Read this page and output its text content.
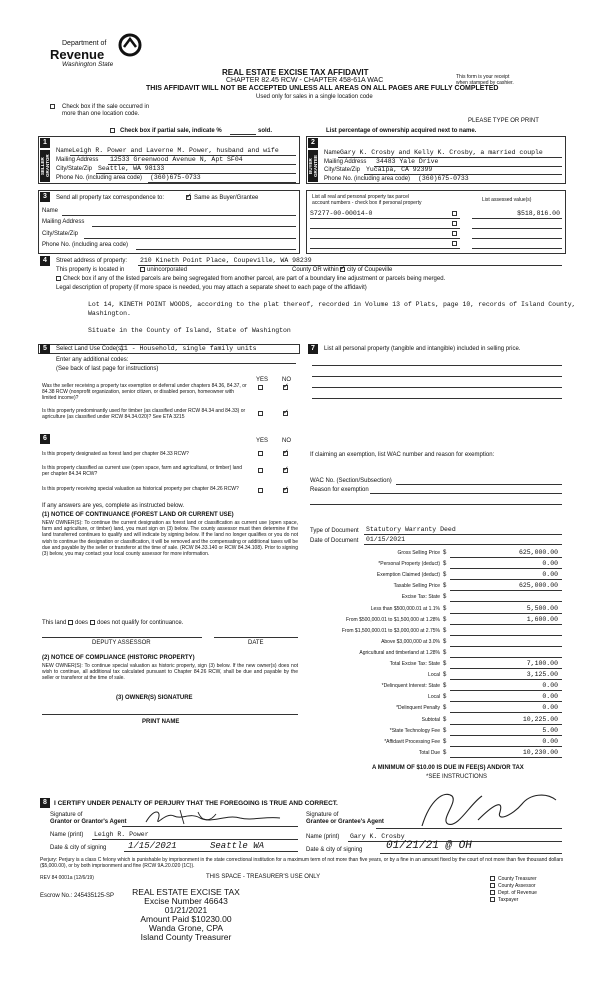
Department of
Revenue
Washington State
REAL ESTATE EXCISE TAX AFFIDAVIT
CHAPTER 82.45 RCW - CHAPTER 458-61A WAC
THIS AFFIDAVIT WILL NOT BE ACCEPTED UNLESS ALL AREAS ON ALL PAGES ARE FULLY COMPLETED
Used only for sales in a single location code
This form is your receipt
when stamped by cashier.
Check box if the sale occurred in
more than one location code.
PLEASE TYPE OR PRINT
Check box if partial sale, indicate %	sold.	List percentage of ownership acquired next to name.
1
SELLER GRANTOR
Name Leigh R. Power and Laverne M. Power, husband and wife
Mailing Address 12533 Greenwood Avenue N, Apt SF04
City/State/Zip Seattle, WA 98133
Phone No. (including area code) (360)675-0733
2
BUYER GRANTEE
Name Gary K. Crosby and Kelly K. Crosby, a married couple
Mailing Address 34483 Yale Drive
City/State/Zip Yucaipa, CA 92399
Phone No. (including area code) (360)675-0733
3	Send all property tax correspondence to: ✓	Same as Buyer/Grantee
Name
Mailing Address
City/State/Zip
Phone No. (including area code)
List all real and personal property tax parcel
account numbers - check box if personal property	List assessed value(s)
S7277-00-00014-0	$518,816.00
4	Street address of property: 210 Kineth Point Place, Coupeville, WA 98239
This property is located in	unincorporated	County OR within ✓ city of Coupeville
Check box if any of the listed parcels are being segregated from another parcel, are part of a boundary line adjustment or parcels being merged.
Legal description of property (if more space is needed, you may attach a separate sheet to each page of the affidavit)
Lot 14, KINETH POINT WOODS, according to the plat thereof, recorded in Volume 13 of Plats, page 10, records of Island County,
Washington.
Situate in the County of Island, State of Washington
5	Select Land Use Code(s):
11 - Household, single family units
Enter any additional codes:
(See back of last page for instructions)
YES NO
Was the seller receiving a property tax exemption or deferral under chapters 84.36, 84.37, or 84.38 RCW (nonprofit organization, senior citizen, or disabled person, homeowner with limited income)?
✓
Is this property predominantly used for timber (as classified under RCW 84.34 and 84.33) or agriculture (as classified under RCW 84.34.020)? See ETA 3215
✓
6	YES NO
Is this property designated as forest land per chapter 84.33 RCW?
✓
Is this property classified as current use (open space, farm and agricultural, or timber) land per chapter 84.34 RCW?
✓
Is this property receiving special valuation as historical property per chapter 84.26 RCW?
✓
If any answers are yes, complete as instructed below.
(1) NOTICE OF CONTINUANCE (FOREST LAND OR CURRENT USE)
NEW OWNER(S): To continue the current designation as forest land or classification as current use (open space, farm and agriculture, or timber) land, you must sign on (3) below. The county assessor must then determine if the land transferred continues to qualify and will indicate by signing below. If the land no longer qualifies or you do not wish to continue the designation or classification, it will be removed and the compensating or additional taxes will be due and payable by the seller or transferor at the time of sale. (RCW 84.33.140 or RCW 84.34.108). Prior to signing (3) below, you may contact your local county assessor for more information.
This land does does not qualify for continuance.
DEPUTY ASSESSOR	DATE
(2) NOTICE OF COMPLIANCE (HISTORIC PROPERTY)
NEW OWNER(S): To continue special valuation as historic property, sign (3) below. If the new owner(s) does not wish to continue, all additional tax calculated pursuant to Chapter 84.26 RCW, shall be due and payable by the seller or transferor at the time of sale.
(3) OWNER(S) SIGNATURE
PRINT NAME
7	List all personal property (tangible and intangible) included in selling price.
If claiming an exemption, list WAC number and reason for exemption:
WAC No. (Section/Subsection)
Reason for exemption
Type of Document Statutory Warranty Deed
Date of Document 01/15/2021
Gross Selling Price $	625,000.00
*Personal Property (deduct) $	0.00
Exemption Claimed (deduct) $	0.00
Taxable Selling Price $	625,000.00
Excise Tax: State $
Less than $500,000.01 at 1.1% $	5,500.00
From $500,000.01 to $1,500,000 at 1.28% $	1,600.00
From $1,500,000.01 to $3,000,000 at 2.75% $
Above $3,000,000 at 3.0% $
Agricultural and timberland at 1.28% $
Total Excise Tax: State $	7,100.00
Local $	3,125.00
*Delinquent Interest: State $	0.00
Local $	0.00
*Delinquent Penalty $	0.00
Subtotal $	10,225.00
*State Technology Fee $	5.00
*Affidavit Processing Fee $	0.00
Total Due $	10,230.00
A MINIMUM OF $10.00 IS DUE IN FEE(S) AND/OR TAX
*SEE INSTRUCTIONS
8	I CERTIFY UNDER PENALTY OF PERJURY THAT THE FOREGOING IS TRUE AND CORRECT.
Signature of
Grantor or Grantor's Agent
Signature of
Grantee or Grantee's Agent
Name (print) Leigh R. Power	Name (print) Gary K. Crosby
Date & city of signing 1/15/2021	Seattle WA	Date & city of signing 01/21/21 @ OH
Perjury: Perjury is a class C felony which is punishable by imprisonment in the state correctional institution for a maximum term of not more than five years, or by a fine in an amount fixed by the court of not more than five thousand dollars ($5,000.00), or by both imprisonment and fine (RCW 9A.20.020 (1C)).
REV 84 0001a (12/6/19)	THIS SPACE - TREASURER'S USE ONLY
Escrow No.: 245435125-SP
County Treasurer
County Assessor
Dept. of Revenue
Taxpayer
REAL ESTATE EXCISE TAX
Excise Number 46643
01/21/2021
Amount Paid $10230.00
Wanda Grone, CPA
Island County Treasurer
